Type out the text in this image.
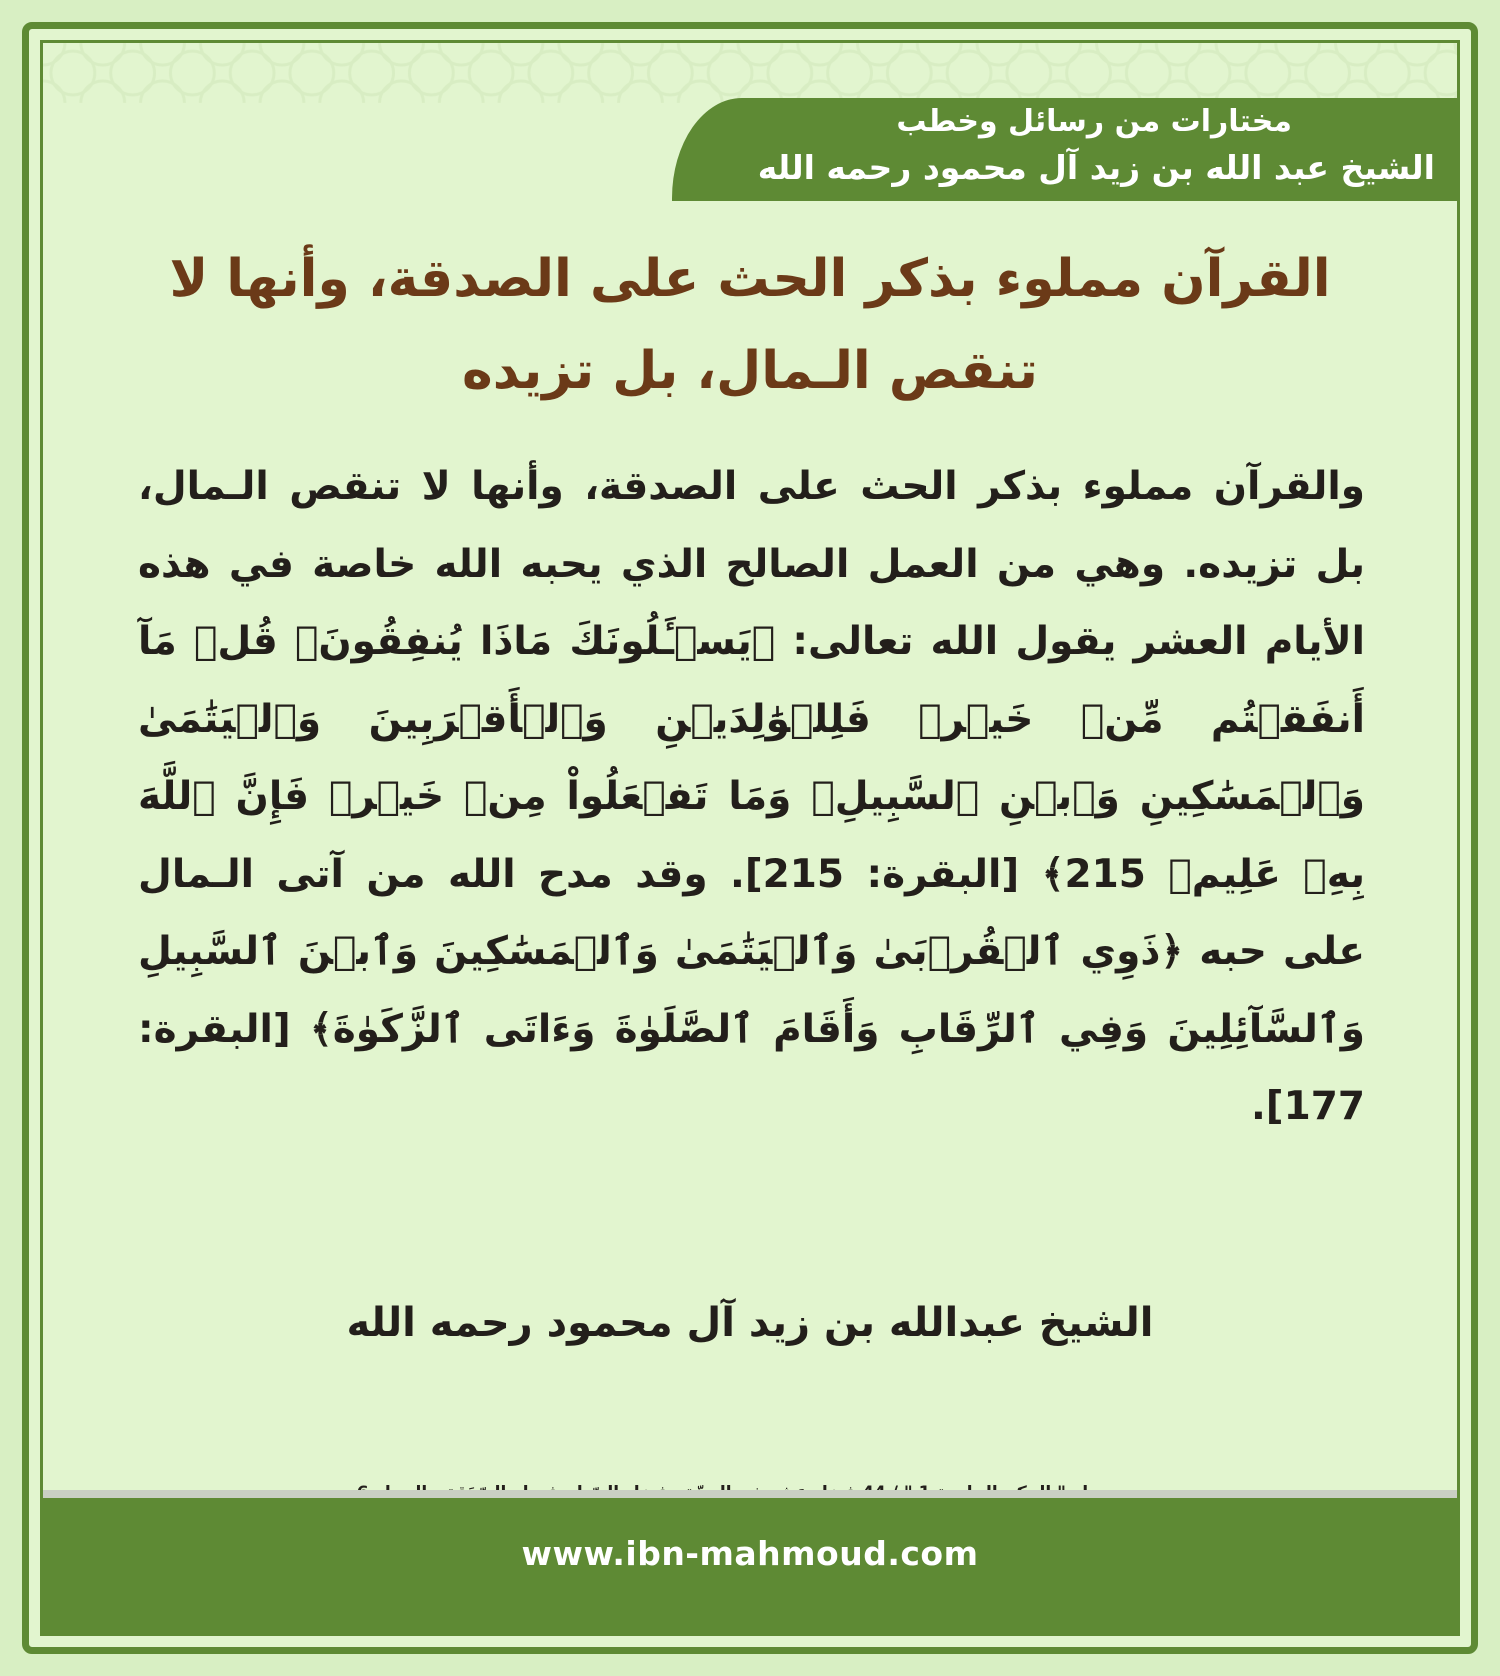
مختارات من رسائل وخطب
الشيخ عبد الله بن زيد آل محمود رحمه الله
القرآن مملوء بذكر الحث على الصدقة، وأنها لا تنقص الـمال، بل تزيده
والقرآن مملوء بذكر الحث على الصدقة، وأنها لا تنقص الـمال، بل تزيده. وهي من العمل الصالح الذي يحبه الله خاصة في هذه الأيام العشر يقول الله تعالى: ﴿يَسۡـَٔلُونَكَ مَاذَا يُنفِقُونَۖ قُلۡ مَآ أَنفَقۡتُم مِّنۡ خَيۡرٖ فَلِلۡوَٰلِدَيۡنِ وَٱلۡأَقۡرَبِينَ وَٱلۡيَتَٰمَىٰ وَٱلۡمَسَٰكِينِ وَٱبۡنِ ٱلسَّبِيلِۗ وَمَا تَفۡعَلُواْ مِنۡ خَيۡرٖ فَإِنَّ ٱللَّهَ بِهِۦ عَلِيمٞ 215﴾ [البقرة: 215]. وقد مدح الله من آتى الـمال على حبه ﴿ذَوِي ٱلۡقُرۡبَىٰ وَٱلۡيَتَٰمَىٰ وَٱلۡمَسَٰكِينَ وَٱبۡنَ ٱلسَّبِيلِ وَٱلسَّآئِلِينَ وَفِي ٱلرِّقَابِ وَأَقَامَ ٱلصَّلَوٰةَ وَءَاتَى ٱلزَّكَوٰةَ﴾ [البقرة: 177].
الشيخ عبدالله بن زيد آل محمود رحمه الله
www.ibn-mahmoud.com
